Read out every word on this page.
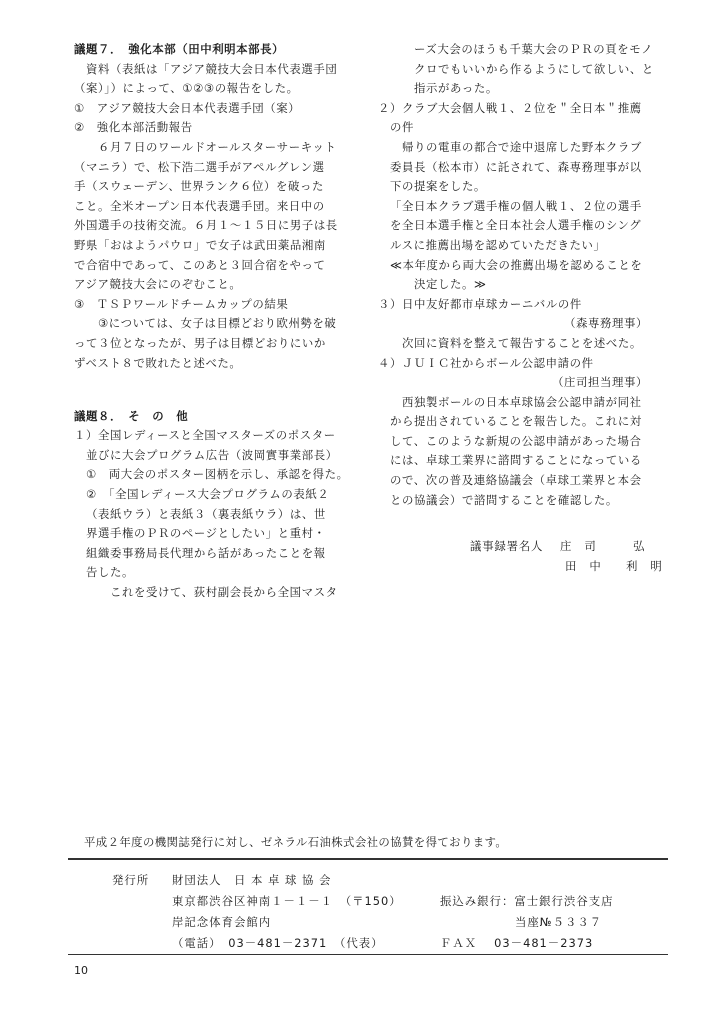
議題７．　強化本部（田中利明本部長）
資料（表紙は「アジア競技大会日本代表選手団
（案）」）によって、①②③の報告をした。
①　アジア競技大会日本代表選手団（案）
②　強化本部活動報告
６月７日のワールドオールスターサーキット
（マニラ）で、松下浩二選手がアペルグレン選
手（スウェーデン、世界ランク６位）を破った
こと。全米オープン日本代表選手団。来日中の
外国選手の技術交流。６月１～１５日に男子は長
野県「おはようパウロ」で女子は武田薬品湘南
で合宿中であって、このあと３回合宿をやって
アジア競技大会にのぞむこと。
③　ＴＳＰワールドチームカップの結果
③については、女子は目標どおり欧州勢を破
って３位となったが、男子は目標どおりにいか
ずベスト８で敗れたと述べた。
議題８．　そ　の　他
１）全国レディースと全国マスターズのポスター
並びに大会プログラム広告（波岡實事業部長）
①　両大会のポスター図柄を示し、承認を得た。
②　「全国レディース大会プログラムの表紙２
（表紙ウラ）と表紙３（裏表紙ウラ）は、世
界選手権のＰＲのページとしたい」と重村・
組織委事務局長代理から話があったことを報
告した。
これを受けて、荻村副会長から全国マスタ
ーズ大会のほうも千葉大会のＰＲの頁をモノ
クロでもいいから作るようにして欲しい、と
指示があった。
２）クラブ大会個人戦１、２位を＂全日本＂推薦
の件
帰りの電車の都合で途中退席した野本クラブ
委員長（松本市）に託されて、森専務理事が以
下の提案をした。
「全日本クラブ選手権の個人戦１、２位の選手
を全日本選手権と全日本社会人選手権のシング
ルスに推薦出場を認めていただきたい」
≪本年度から両大会の推薦出場を認めることを
決定した。≫
３）日中友好都市卓球カーニバルの件
（森専務理事）
次回に資料を整えて報告することを述べた。
４）ＪＵＩＣ社からボール公認申請の件
（庄司担当理事）
西独製ボールの日本卓球協会公認申請が同社
から提出されていることを報告した。これに対
して、このような新規の公認申請があった場合
には、卓球工業界に諮問することになっている
ので、次の普及連絡協議会（卓球工業界と本会
との協議会）で諮問することを確認した。
議事録署名人 庄　司　　　弘
田　中　　利　明
平成２年度の機関誌発行に対し、ゼネラル石油株式会社の協賛を得ております。
発行所 財団法人　日 本 卓 球 協 会
東京都渋谷区神南１－１－１　（〒150）
岸記念体育会館内
（電話）　03－481－2371　（代表）
振込み銀行：富士銀行渋谷支店
当座№５３３７
ＦＡＸ　 03－481－2373
10
